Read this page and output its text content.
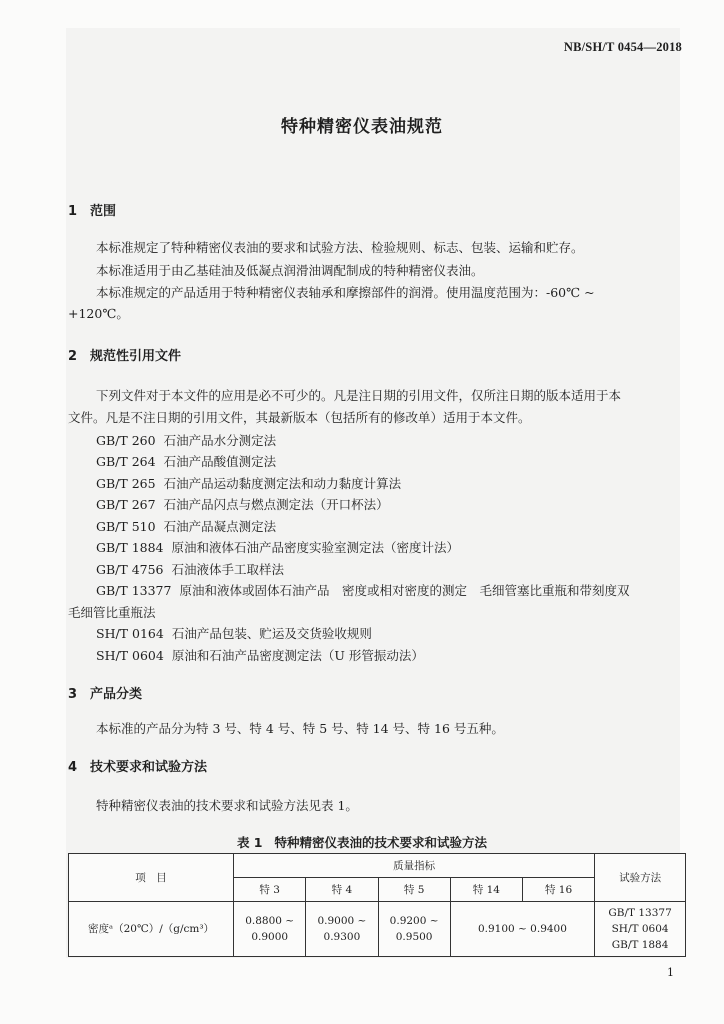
NB/SH/T 0454—2018
特种精密仪表油规范
1 范围
本标准规定了特种精密仪表油的要求和试验方法、检验规则、标志、包装、运输和贮存。
本标准适用于由乙基硅油及低凝点润滑油调配制成的特种精密仪表油。
本标准规定的产品适用于特种精密仪表轴承和摩擦部件的润滑。使用温度范围为：-60℃ ~
+120℃。
2 规范性引用文件
下列文件对于本文件的应用是必不可少的。凡是注日期的引用文件，仅所注日期的版本适用于本
文件。凡是不注日期的引用文件，其最新版本（包括所有的修改单）适用于本文件。
GB/T 260 石油产品水分测定法
GB/T 264 石油产品酸值测定法
GB/T 265 石油产品运动黏度测定法和动力黏度计算法
GB/T 267 石油产品闪点与燃点测定法（开口杯法）
GB/T 510 石油产品凝点测定法
GB/T 1884 原油和液体石油产品密度实验室测定法（密度计法）
GB/T 4756 石油液体手工取样法
GB/T 13377 原油和液体或固体石油产品　密度或相对密度的测定　毛细管塞比重瓶和带刻度双
毛细管比重瓶法
SH/T 0164 石油产品包装、贮运及交货验收规则
SH/T 0604 原油和石油产品密度测定法（U 形管振动法）
3 产品分类
本标准的产品分为特 3 号、特 4 号、特 5 号、特 14 号、特 16 号五种。
4 技术要求和试验方法
特种精密仪表油的技术要求和试验方法见表 1。
表 1 特种精密仪表油的技术要求和试验方法
项　目	质量指标					试验方法
	特 3	特 4	特 5	特 14	特 16	
密度ᵃ（20℃）/（g/cm³）	0.8800 ~
0.9000	0.9000 ~
0.9300	0.9200 ~
0.9500	0.9100 ~ 0.9400		GB/T 13377
SH/T 0604
GB/T 1884
1
